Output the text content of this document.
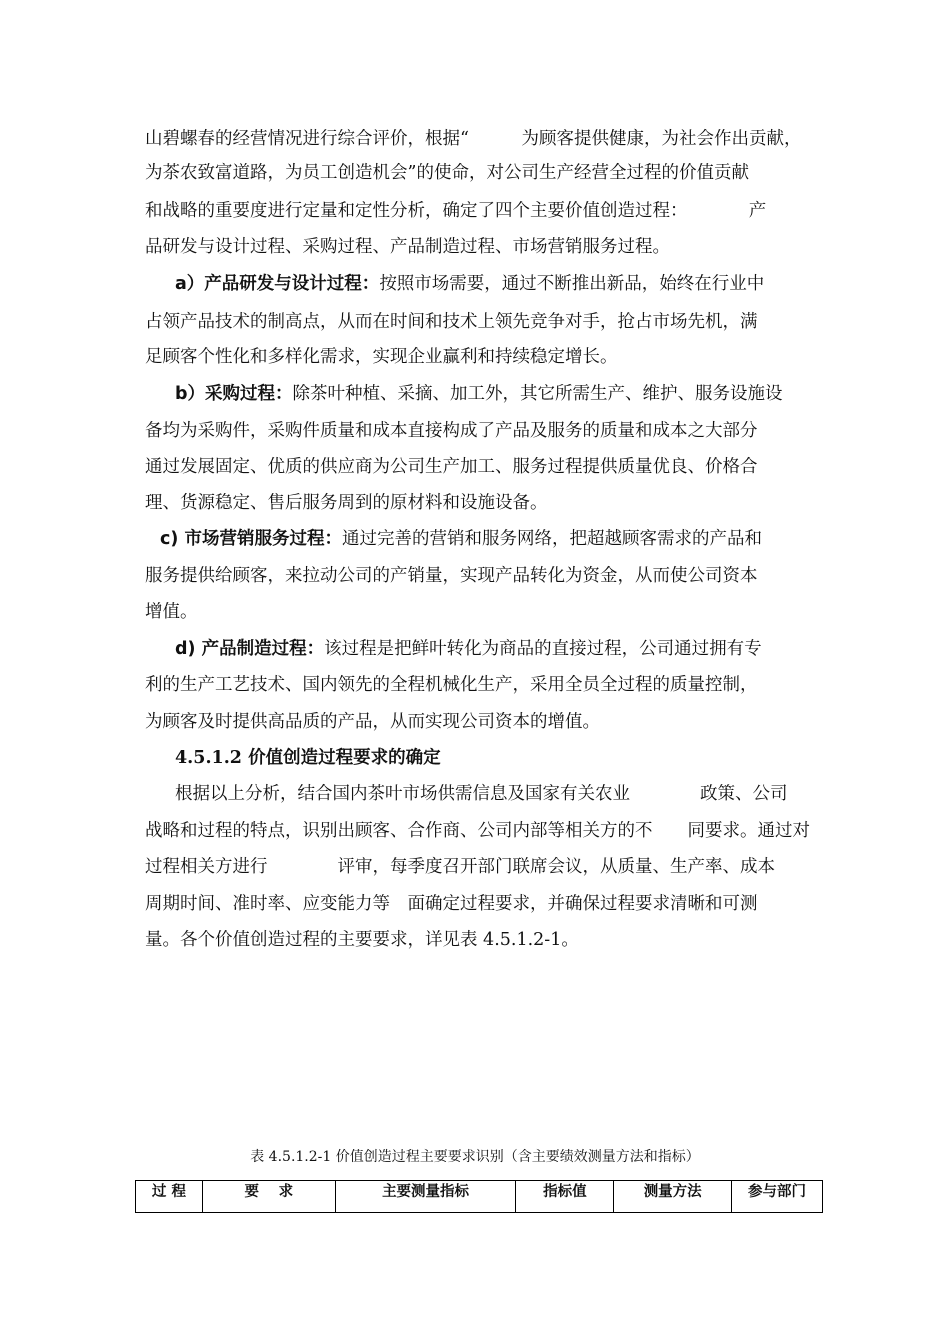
山碧螺春的经营情况进行综合评价，根据“　　　为顾客提供健康，为社会作出贡献，
为茶农致富道路，为员工创造机会”的使命，对公司生产经营全过程的价值贡献
和战略的重要度进行定量和定性分析，确定了四个主要价值创造过程：　　　　产
品研发与设计过程、采购过程、产品制造过程、市场营销服务过程。
a）产品研发与设计过程：按照市场需要，通过不断推出新品，始终在行业中
占领产品技术的制高点，从而在时间和技术上领先竞争对手，抢占市场先机，满
足顾客个性化和多样化需求，实现企业赢利和持续稳定增长。
b）采购过程：除茶叶种植、采摘、加工外，其它所需生产、维护、服务设施设
备均为采购件，采购件质量和成本直接构成了产品及服务的质量和成本之大部分
通过发展固定、优质的供应商为公司生产加工、服务过程提供质量优良、价格合
理、货源稳定、售后服务周到的原材料和设施设备。
c) 市场营销服务过程：通过完善的营销和服务网络，把超越顾客需求的产品和
服务提供给顾客，来拉动公司的产销量，实现产品转化为资金，从而使公司资本
增值。
d) 产品制造过程：该过程是把鲜叶转化为商品的直接过程，公司通过拥有专
利的生产工艺技术、国内领先的全程机械化生产，采用全员全过程的质量控制，
为顾客及时提供高品质的产品，从而实现公司资本的增值。
4.5.1.2 价值创造过程要求的确定
根据以上分析，结合国内茶叶市场供需信息及国家有关农业　　　　政策、公司
战略和过程的特点，识别出顾客、合作商、公司内部等相关方的不　　同要求。通过对
过程相关方进行　　　　评审，每季度召开部门联席会议，从质量、生产率、成本
周期时间、准时率、应变能力等　面确定过程要求，并确保过程要求清晰和可测
量。各个价值创造过程的主要要求，详见表 4.5.1.2-1。
表 4.5.1.2-1 价值创造过程主要要求识别（含主要绩效测量方法和指标）
过 程	要　 求	主要测量指标	指标值	测量方法	参与部门
